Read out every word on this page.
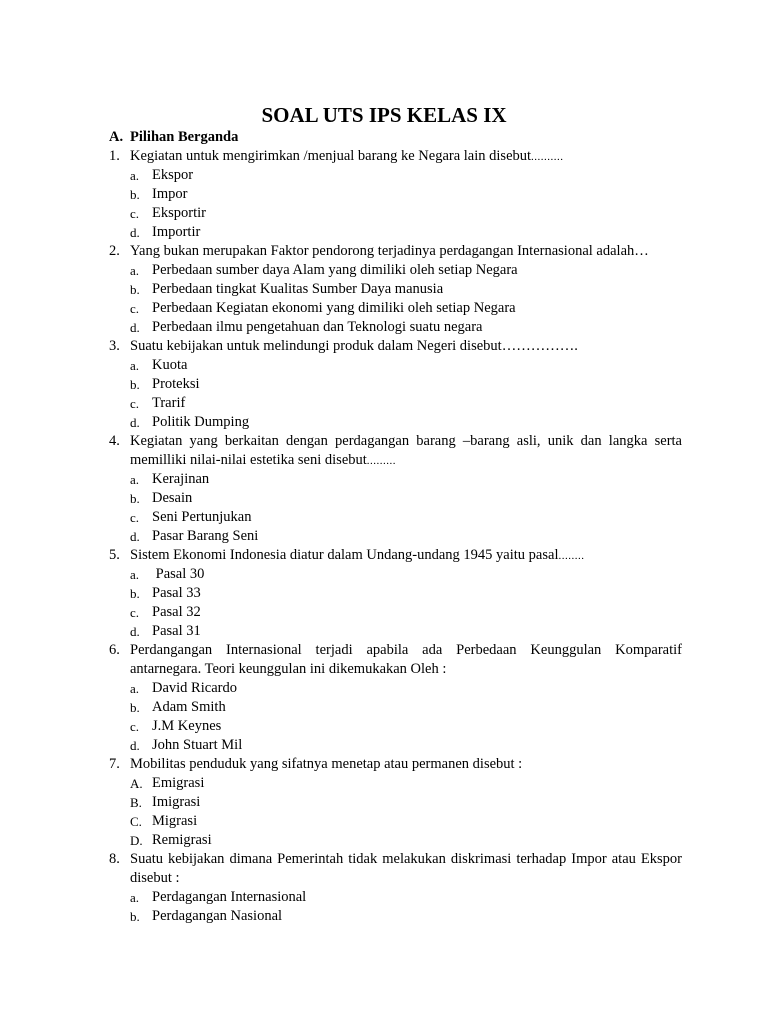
SOAL UTS IPS KELAS IX
A. Pilihan Berganda
1. Kegiatan untuk mengirimkan /menjual barang ke Negara lain disebut..........
a. Ekspor
b. Impor
c. Eksportir
d. Importir
2. Yang bukan merupakan Faktor pendorong terjadinya perdagangan Internasional adalah…
a. Perbedaan sumber daya Alam yang dimiliki oleh setiap Negara
b. Perbedaan tingkat Kualitas Sumber Daya manusia
c. Perbedaan Kegiatan ekonomi yang dimiliki oleh setiap Negara
d. Perbedaan ilmu pengetahuan dan Teknologi suatu negara
3. Suatu kebijakan untuk melindungi produk dalam Negeri disebut…………….
a. Kuota
b. Proteksi
c. Trarif
d. Politik Dumping
4. Kegiatan yang berkaitan dengan perdagangan barang –barang asli, unik dan langka serta
memilliki nilai-nilai estetika seni disebut.........
a. Kerajinan
b. Desain
c. Seni Pertunjukan
d. Pasar Barang Seni
5. Sistem Ekonomi Indonesia diatur dalam Undang-undang 1945 yaitu pasal........
a. Pasal 30
b. Pasal 33
c. Pasal 32
d. Pasal 31
6. Perdangangan Internasional terjadi apabila ada Perbedaan Keunggulan Komparatif
antarnegara. Teori keunggulan ini dikemukakan Oleh :
a. David Ricardo
b. Adam Smith
c. J.M Keynes
d. John Stuart Mil
7. Mobilitas penduduk yang sifatnya menetap atau permanen disebut :
A. Emigrasi
B. Imigrasi
C. Migrasi
D. Remigrasi
8. Suatu kebijakan dimana Pemerintah tidak melakukan diskrimasi terhadap Impor atau Ekspor
disebut :
a. Perdagangan Internasional
b. Perdagangan Nasional
